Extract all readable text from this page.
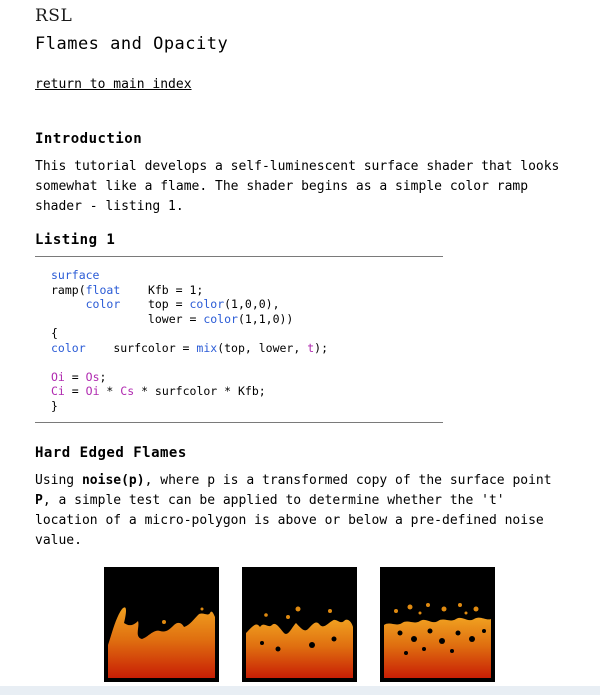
RSL
Flames and Opacity
return to main index
Introduction

This tutorial develops a self-luminescent surface shader that looks somewhat like a flame. The shader begins as a simple color ramp shader - listing 1.

Listing 1
surface
ramp(float    Kfb = 1;
color    top = color(1,0,0),
lower = color(1,1,0))
{
color    surfcolor = mix(top, lower, t);
Oi = Os;
Ci = Oi * Cs * surfcolor * Kfb;
}
Hard Edged Flames

Using noise(p), where p is a transformed copy of the surface point P, a simple test can be applied to determine whether the 't' location of a micro-polygon is above or below a pre-defined noise value.
